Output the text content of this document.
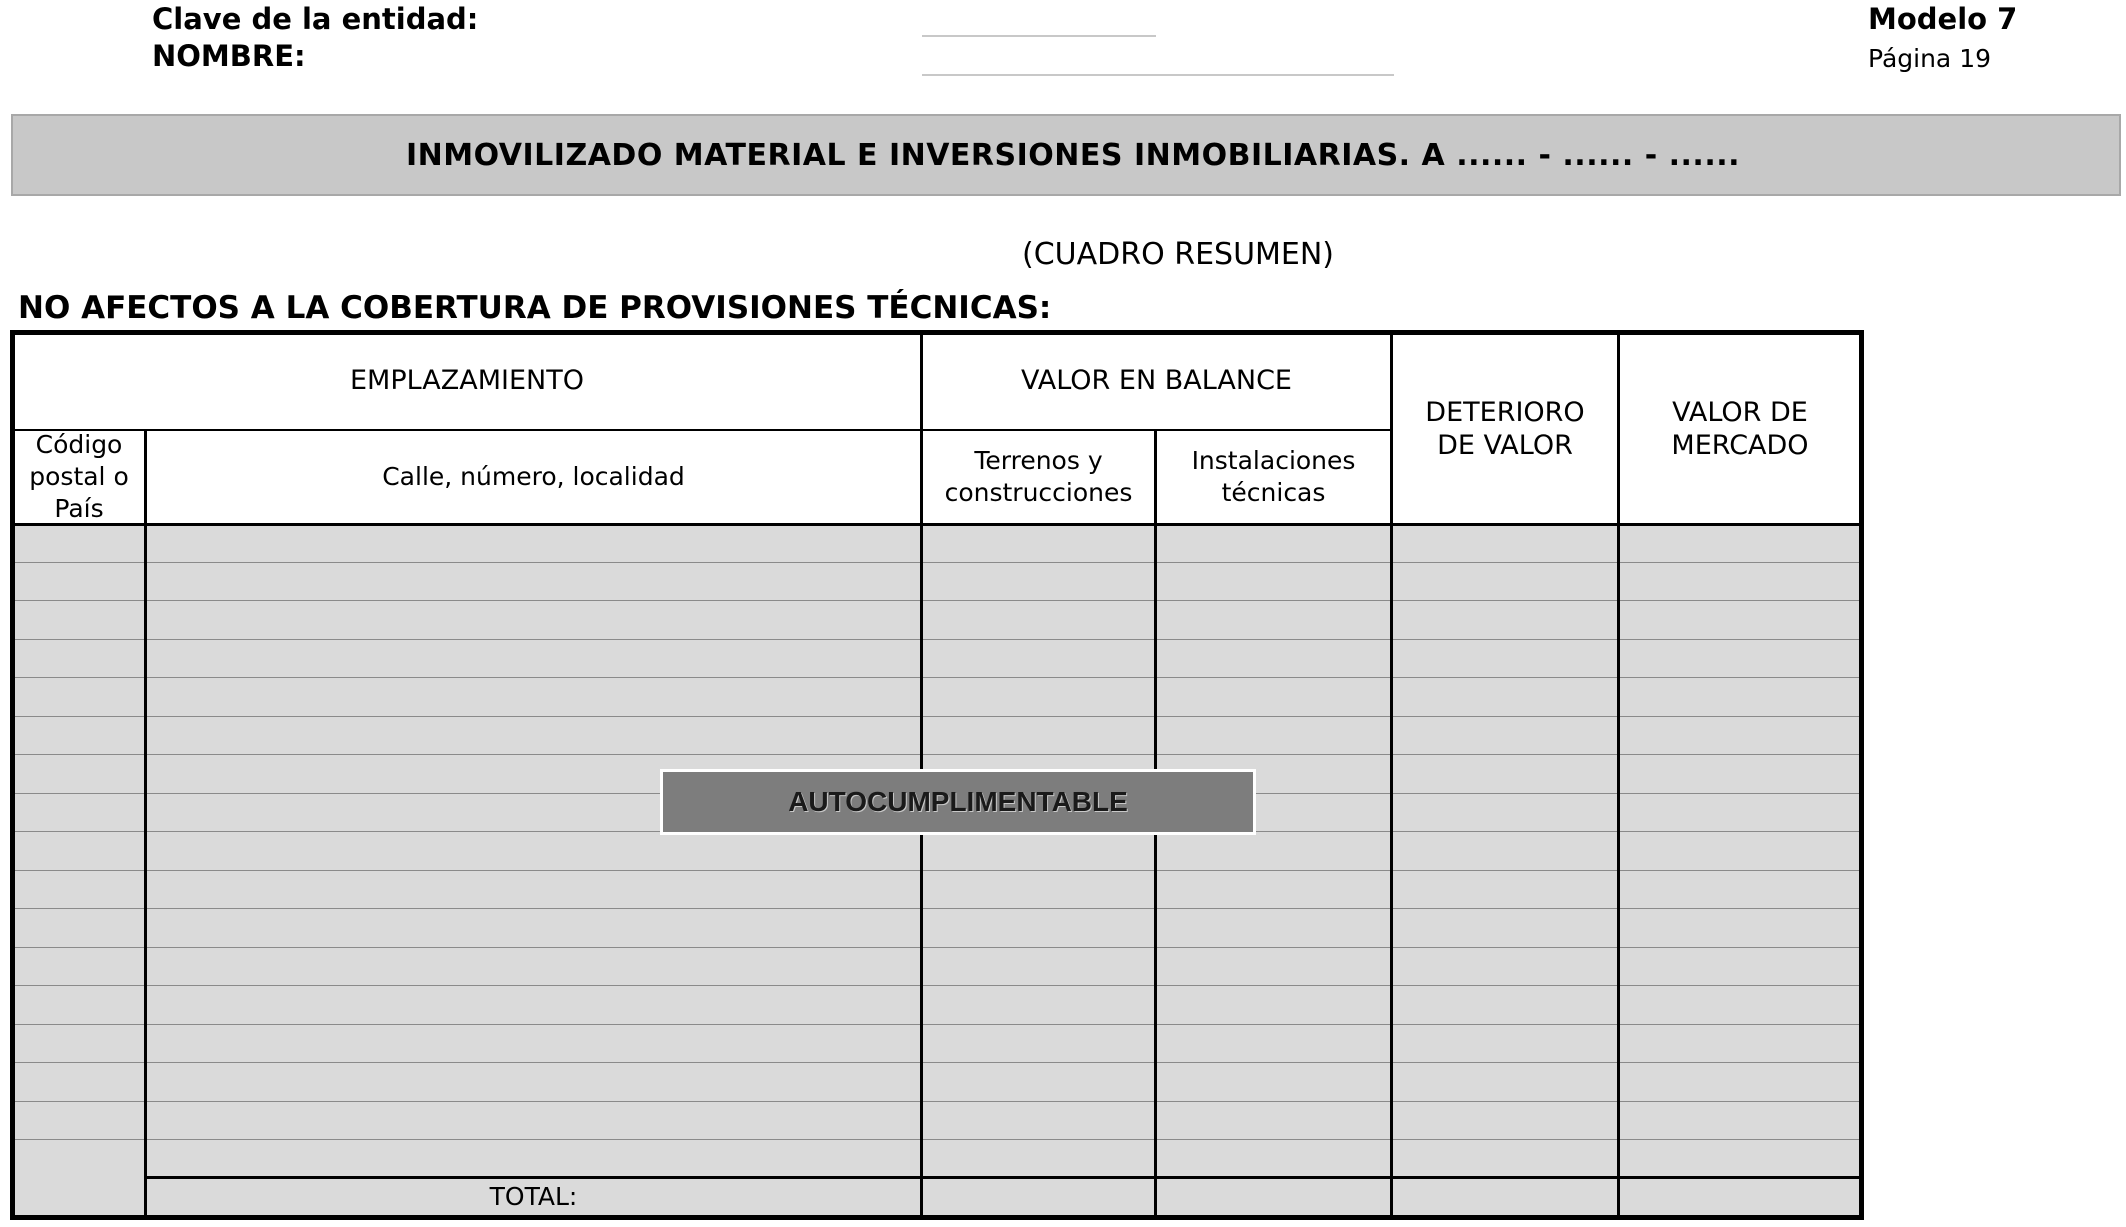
Clave de la entidad:
NOMBRE:
Modelo 7
Página 19
INMOVILIZADO MATERIAL E INVERSIONES INMOBILIARIAS. A ...... - ...... - ......
(CUADRO RESUMEN)
NO AFECTOS A LA COBERTURA DE PROVISIONES TÉCNICAS:
EMPLAZAMIENTO	VALOR EN BALANCE
DETERIORO DE VALOR
VALOR DE MERCADO
Código postal o País
Calle, número, localidad
Terrenos y construcciones
Instalaciones técnicas
TOTAL:
AUTOCUMPLIMENTABLE
